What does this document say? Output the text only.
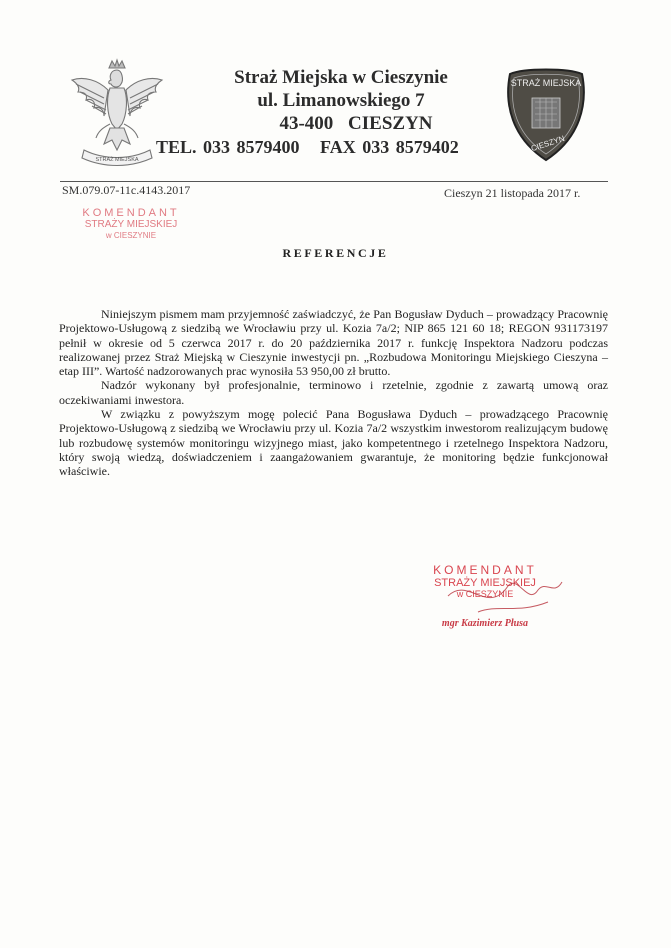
STRAŻ MIEJSKA
Straż Miejska w Cieszynie
ul. Limanowskiego 7
43-400 CIESZYN
TEL. 033 8579400 FAX 033 8579402
STRAŻ MIEJSKA
CIESZYN
SM.079.07-11c.4143.2017	Cieszyn 21 listopada 2017 r.
KOMENDANT
STRAŻY MIEJSKIEJ
w CIESZYNIE
REFERENCJE

Niniejszym pismem mam przyjemność zaświadczyć, że Pan Bogusław Dyduch – prowadzący Pracownię Projektowo-Usługową z siedzibą we Wrocławiu przy ul. Kozia 7a/2; NIP 865 121 60 18; REGON 931173197 pełnił w okresie od 5 czerwca 2017 r. do 20 października 2017 r. funkcję Inspektora Nadzoru podczas realizowanej przez Straż Miejską w Cieszynie inwestycji pn. „Rozbudowa Monitoringu Miejskiego Cieszyna – etap III”. Wartość nadzorowanych prac wynosiła 53 950,00 zł brutto.

Nadzór wykonany był profesjonalnie, terminowo i rzetelnie, zgodnie z zawartą umową oraz oczekiwaniami inwestora.

W związku z powyższym mogę polecić Pana Bogusława Dyduch – prowadzącego Pracownię Projektowo-Usługową z siedzibą we Wrocławiu przy ul. Kozia 7a/2 wszystkim inwestorom realizującym budowę lub rozbudowę systemów monitoringu wizyjnego miast, jako kompetentnego i rzetelnego Inspektora Nadzoru, który swoją wiedzą, doświadczeniem i zaangażowaniem gwarantuje, że monitoring będzie funkcjonował właściwie.

KOMENDANT
STRAŻY MIEJSKIEJ
w CIESZYNIE
mgr Kazimierz Płusa
